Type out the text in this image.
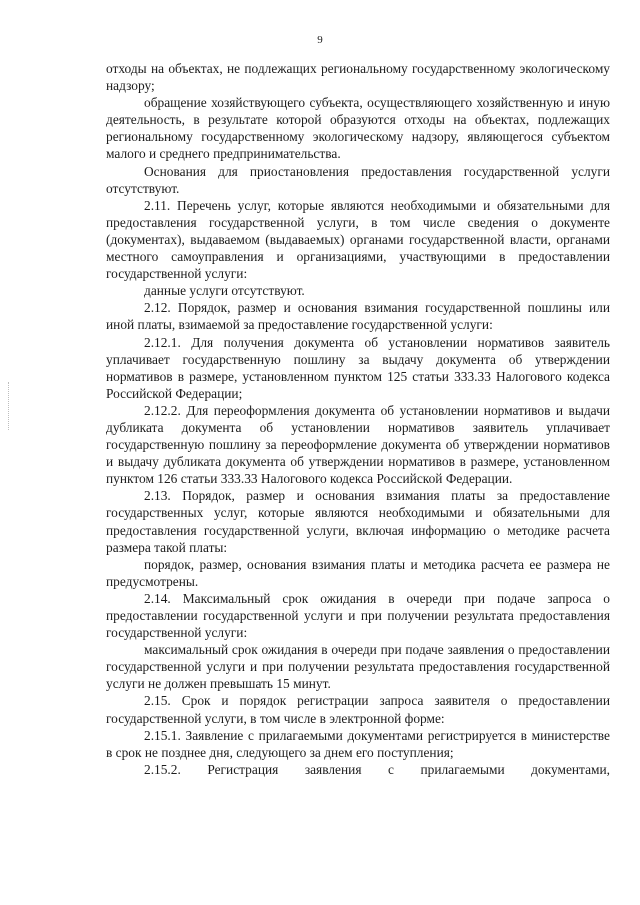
9

отходы на объектах, не подлежащих региональному государственному экологическому надзору;

обращение хозяйствующего субъекта, осуществляющего хозяйственную и иную деятельность, в результате которой образуются отходы на объектах, подлежащих региональному государственному экологическому надзору, являющегося субъектом малого и среднего предпринимательства.

Основания для приостановления предоставления государственной услуги отсутствуют.

2.11. Перечень услуг, которые являются необходимыми и обязательными для предоставления государственной услуги, в том числе сведения о документе (документах), выдаваемом (выдаваемых) органами государственной власти, органами местного самоуправления и организациями, участвующими в предоставлении государственной услуги:

данные услуги отсутствуют.

2.12. Порядок, размер и основания взимания государственной пошлины или иной платы, взимаемой за предоставление государственной услуги:

2.12.1. Для получения документа об установлении нормативов заявитель уплачивает государственную пошлину за выдачу документа об утверждении нормативов в размере, установленном пунктом 125 статьи 333.33 Налогового кодекса Российской Федерации;

2.12.2. Для переоформления документа об установлении нормативов и выдачи дубликата документа об установлении нормативов заявитель уплачивает государственную пошлину за переоформление документа об утверждении нормативов и выдачу дубликата документа об утверждении нормативов в размере, установленном пунктом 126 статьи 333.33 Налогового кодекса Российской Федерации.

2.13. Порядок, размер и основания взимания платы за предоставление государственных услуг, которые являются необходимыми и обязательными для предоставления государственной услуги, включая информацию о методике расчета размера такой платы:

порядок, размер, основания взимания платы и методика расчета ее размера не предусмотрены.

2.14. Максимальный срок ожидания в очереди при подаче запроса о предоставлении государственной услуги и при получении результата предоставления государственной услуги:

максимальный срок ожидания в очереди при подаче заявления о предоставлении государственной услуги и при получении результата предоставления государственной услуги не должен превышать 15 минут.

2.15. Срок и порядок регистрации запроса заявителя о предоставлении государственной услуги, в том числе в электронной форме:

2.15.1. Заявление с прилагаемыми документами регистрируется в министерстве в срок не позднее дня, следующего за днем его поступления;

2.15.2. Регистрация заявления с прилагаемыми документами,
